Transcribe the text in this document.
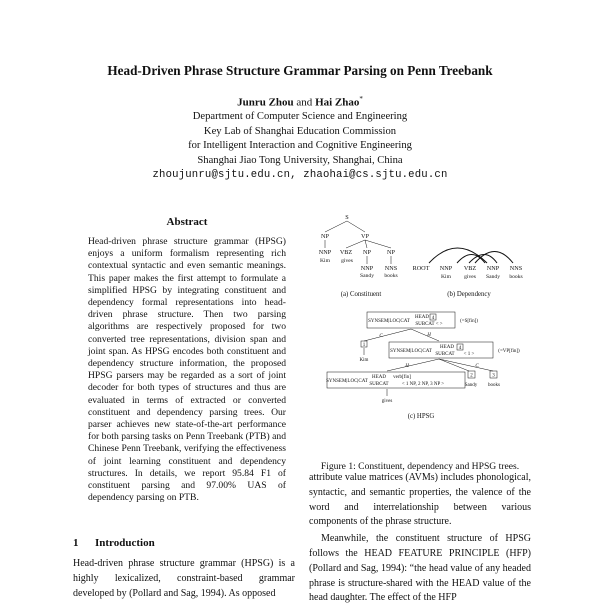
Head-Driven Phrase Structure Grammar Parsing on Penn Treebank
Junru Zhou and Hai Zhao*
Department of Computer Science and Engineering
Key Lab of Shanghai Education Commission
for Intelligent Interaction and Cognitive Engineering
Shanghai Jiao Tong University, Shanghai, China
zhoujunru@sjtu.edu.cn, zhaohai@cs.sjtu.edu.cn
Abstract

Head-driven phrase structure grammar (HPSG) enjoys a uniform formalism representing rich contextual syntactic and even semantic meanings. This paper makes the first attempt to formulate a simplified HPSG by integrating constituent and dependency formal representations into head-driven phrase structure. Then two parsing algorithms are respectively proposed for two converted tree representations, division span and joint span. As HPSG encodes both constituent and dependency structure information, the proposed HPSG parsers may be regarded as a sort of joint decoder for both types of structures and thus are evaluated in terms of extracted or converted constituent and dependency parsing trees. Our parser achieves new state-of-the-art performance for both parsing tasks on Penn Treebank (PTB) and Chinese Penn Treebank, verifying the effectiveness of joint learning constituent and dependency structures. In details, we report 95.84 F1 of constituent parsing and 97.00% UAS of dependency parsing on PTB.

1 Introduction

Head-driven phrase structure grammar (HPSG) is a highly lexicalized, constraint-based grammar developed by (Pollard and Sag, 1994). As opposed

S
NP	VP
NNP VBZ NP	NP
Kim gives
NNP NNS
Sandy books
(a) Constituent
ROOT NNP VBZ NNP NNS
Kim gives Sandy books
(b) Dependency
SYNSEM|LOC|CAT
HEAD
SUBCAT < >
4
(=S[fin])
C	H
1
Kim
SYNSEM|LOC|CAT
HEAD
SUBCAT
4
< 1 >
(=VP[fin])
H	C
SYNSEM|LOC|CAT
HEAD verb[fin]
SUBCAT	< 1 NP, 2 NP, 3 NP >
gives
2	3
Sandy books
(c) HPSG
Figure 1: Constituent, dependency and HPSG trees.

attribute value matrices (AVMs) includes phonological, syntactic, and semantic properties, the valence of the word and interrelationship between various components of the phrase structure.

Meanwhile, the constituent structure of HPSG follows the HEAD FEATURE PRINCIPLE (HFP) (Pollard and Sag, 1994): “the head value of any headed phrase is structure-shared with the HEAD value of the head daughter. The effect of the HFP
